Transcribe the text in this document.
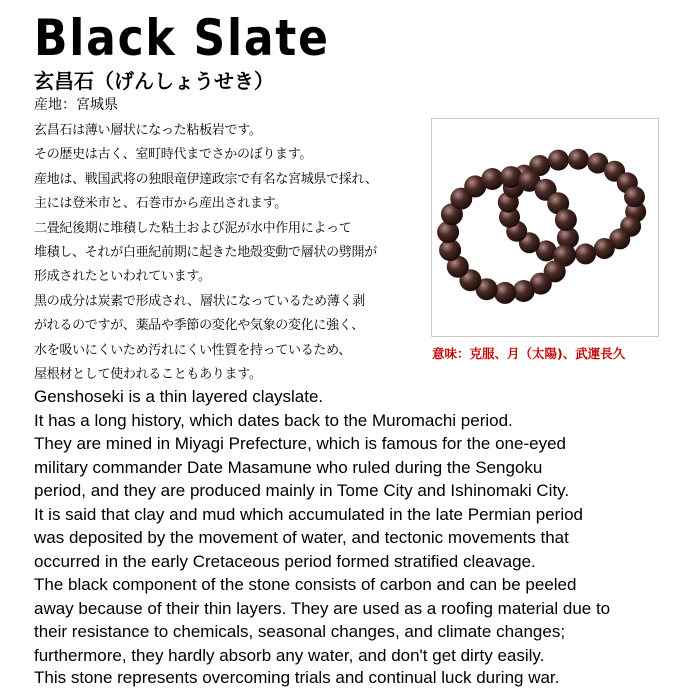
Black Slate
玄昌石（げんしょうせき）

産地：宮城県

玄昌石は薄い層状になった粘板岩です。
その歴史は古く、室町時代までさかのぼります。
産地は、戦国武将の独眼竜伊達政宗で有名な宮城県で採れ、
主には登米市と、石巻市から産出されます。
二畳紀後期に堆積した粘土および泥が水中作用によって
堆積し、それが白亜紀前期に起きた地殻変動で層状の劈開が
形成されたといわれています。
黒の成分は炭素で形成され、層状になっているため薄く剥
がれるのですが、薬品や季節の変化や気象の変化に強く、
水を吸いにくいため汚れにくい性質を持っているため、
屋根材として使われることもあります。

意味：克服、月（太陽)、武運長久

Genshoseki is a thin layered clayslate.
It has a long history, which dates back to the Muromachi period.
They are mined in Miyagi Prefecture, which is famous for the one-eyed
military commander Date Masamune who ruled during the Sengoku
period, and they are produced mainly in Tome City and Ishinomaki City.
It is said that clay and mud which accumulated in the late Permian period
was deposited by the movement of water, and tectonic movements that
occurred in the early Cretaceous period formed stratified cleavage.
The black component of the stone consists of carbon and can be peeled
away because of their thin layers. They are used as a roofing material due to
their resistance to chemicals, seasonal changes, and climate changes;
furthermore, they hardly absorb any water, and don't get dirty easily.

This stone represents overcoming trials and continual luck during war.
